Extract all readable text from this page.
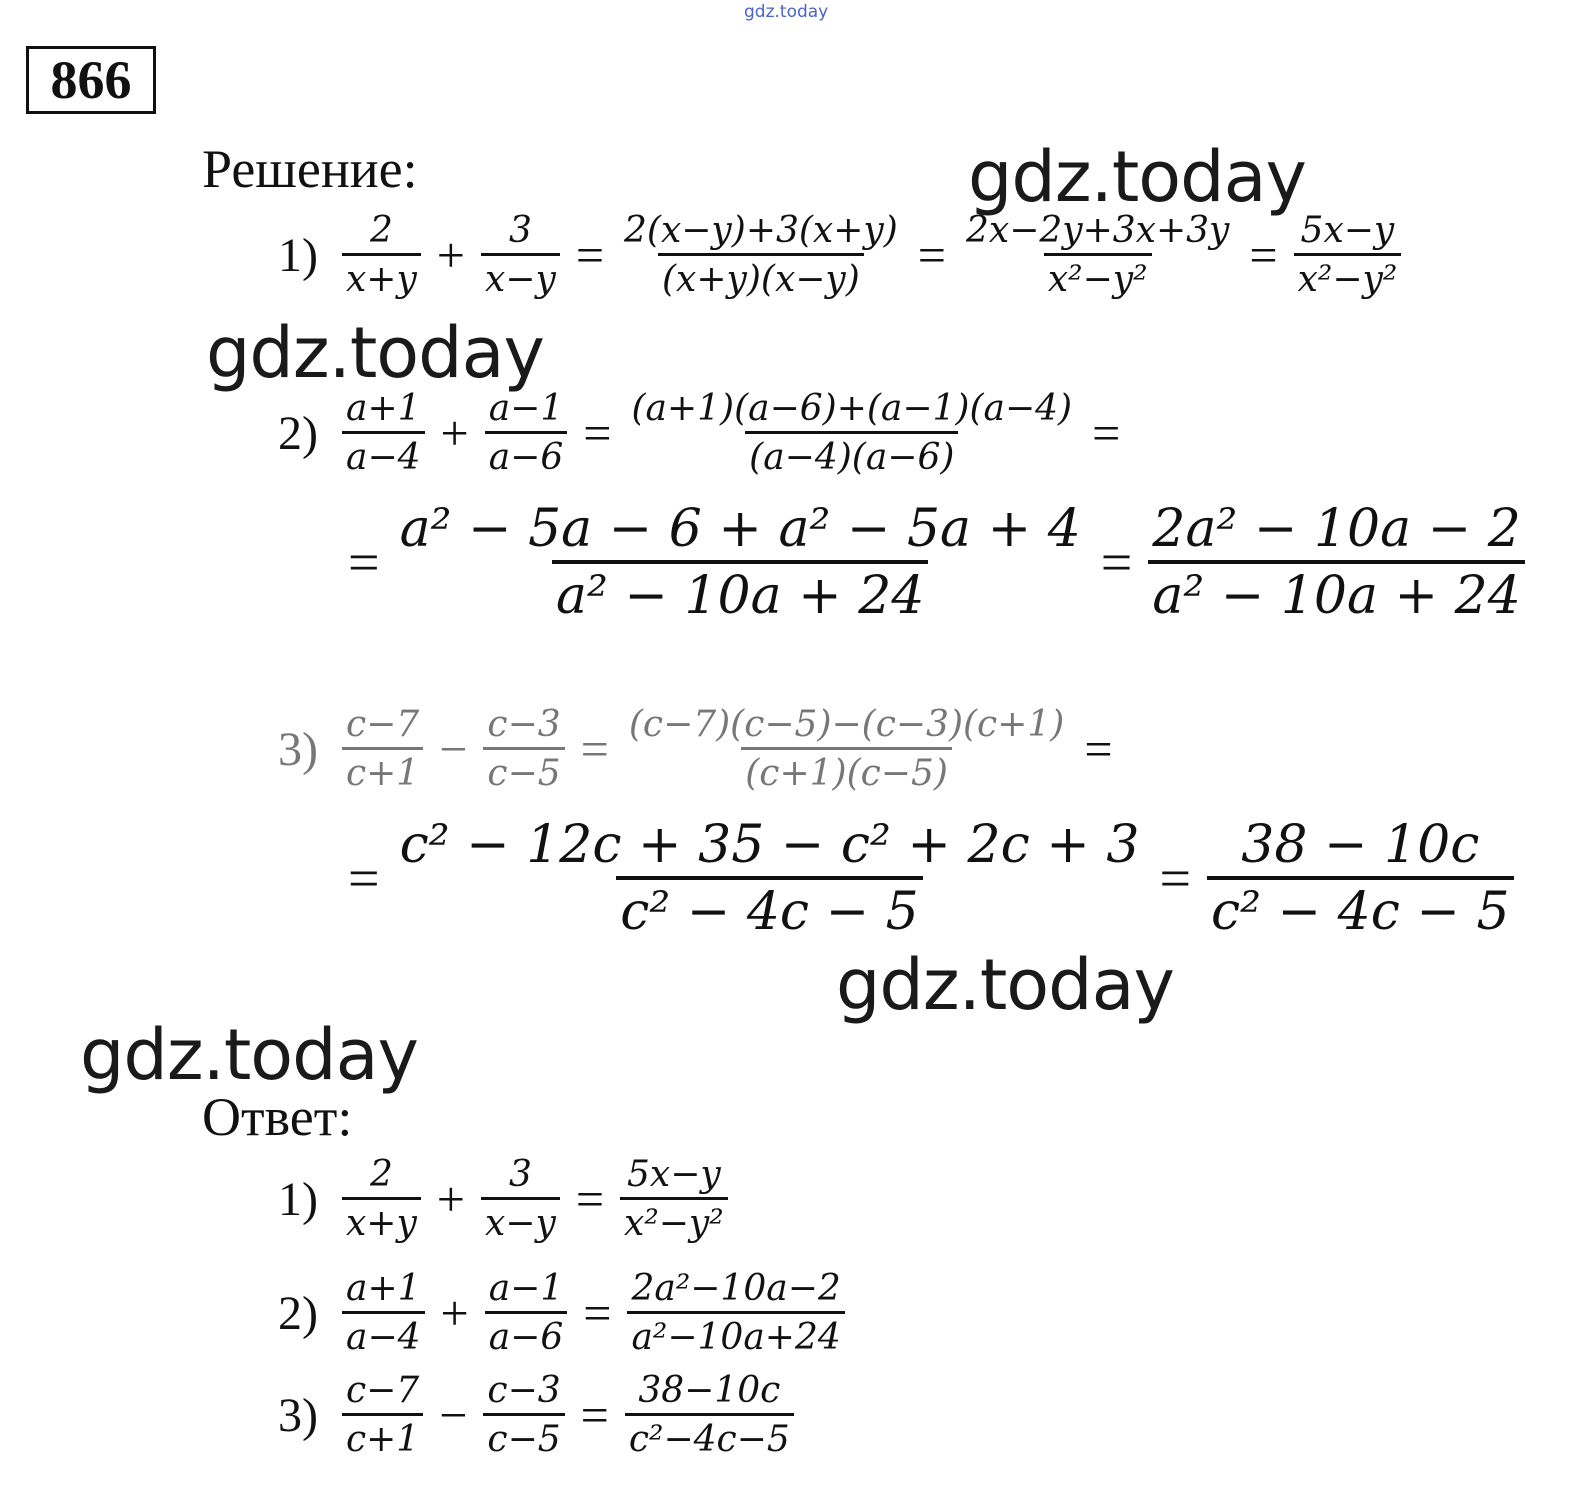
gdz.today
866
Решение:	gdz.today
gdz.today
gdz.today
gdz.today
$1) \frac{2}{x+y} + \frac{3}{x-y} = \frac{2(x-y)+3(x+y)}{(x+y)(x-y)} = \frac{2x-2y+3x+3y}{\text{x²−y²}} = \frac{5x-y}{\text{x²−y²}}$
$2) \frac{a+1}{a-4} + \frac{a-1}{a-6} = \frac{(a+1)(a-6)+(a-1)(a-4)}{(a-4)(a-6)}$ =
= $\frac{\text{a² − 5a − 6 + a² − 5a + 4}}{\text{a² − 10a + 24}} = \frac{\text{2a² − 10a − 2}}{\text{a² − 10a + 24}}$
$3) \frac{c-7}{c+1} - \frac{c-3}{c-5} = \frac{(c-7)(c-5)-(c-3)(c+1)}{(c+1)(c-5)}$ =
= $\frac{\text{c² − 12c + 35 − c² + 2c + 3}}{\text{c² − 4c − 5}} = \frac{38 - 10c}{\text{c² − 4c − 5}}$
Ответ:
$1) \frac{2}{x+y} + \frac{3}{x-y} = \frac{5x-y}{\text{x²−y²}}$
$2) \frac{a+1}{a-4} + \frac{a-1}{a-6} = \frac{\text{2a²−10a−2}}{\text{a²−10a+24}}$
$3) \frac{c-7}{c+1} - \frac{c-3}{c-5} = \frac{38-10c}{\text{c²−4c−5}}$
